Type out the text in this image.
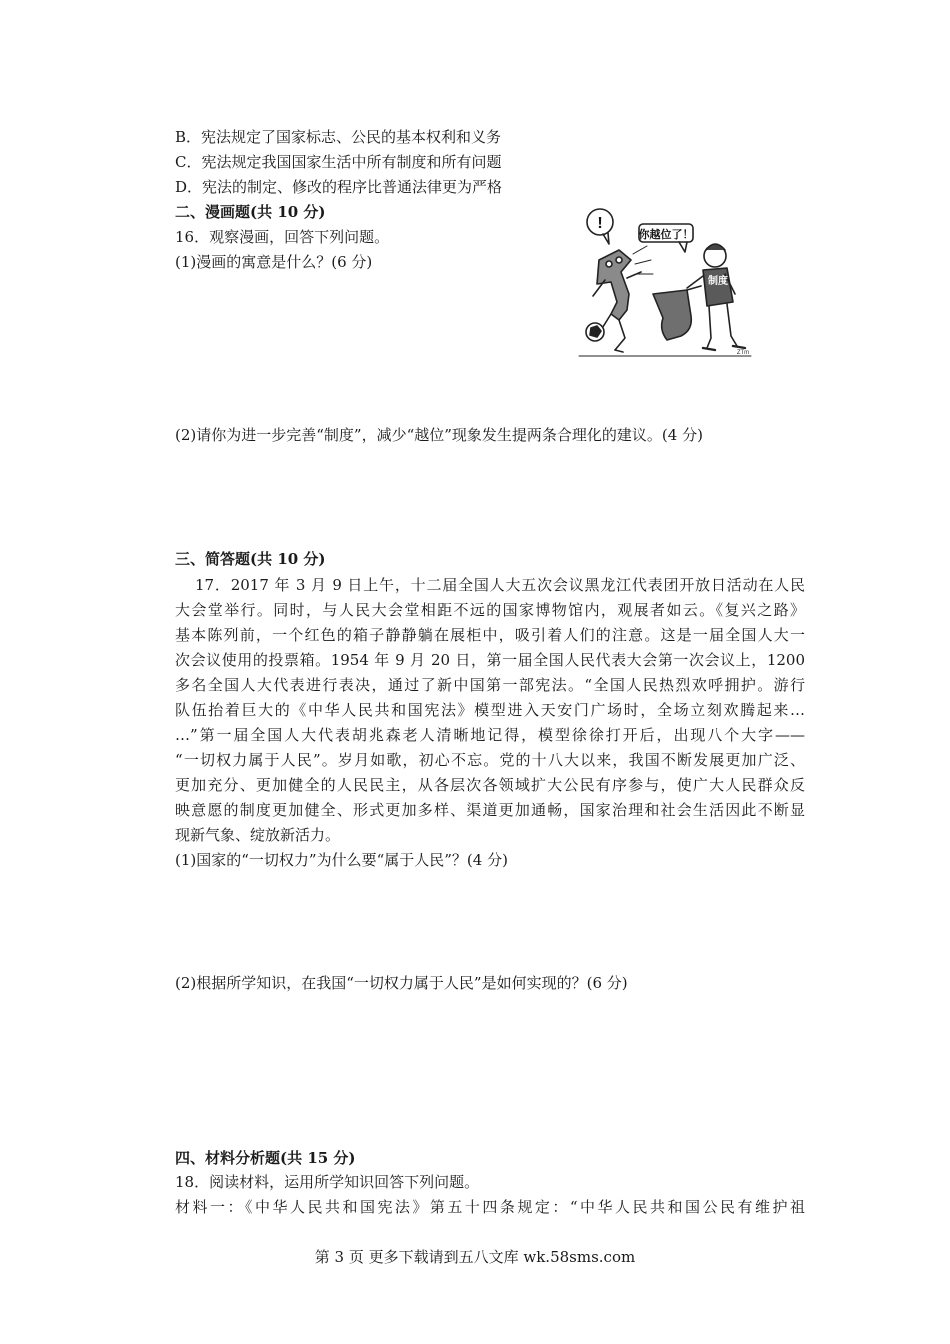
B．宪法规定了国家标志、公民的基本权利和义务
C．宪法规定我国国家生活中所有制度和所有问题
D．宪法的制定、修改的程序比普通法律更为严格
二、漫画题(共 10 分)
16．观察漫画，回答下列问题。
(1)漫画的寓意是什么？(6 分)
!
你越位了！
制度
ZTm
(2)请你为进一步完善“制度”，减少“越位”现象发生提两条合理化的建议。(4 分)
三、简答题(共 10 分)
17．2017 年 3 月 9 日上午，十二届全国人大五次会议黑龙江代表团开放日活动在人民
大会堂举行。同时，与人民大会堂相距不远的国家博物馆内，观展者如云。《复兴之路》
基本陈列前，一个红色的箱子静静躺在展柜中，吸引着人们的注意。这是一届全国人大一
次会议使用的投票箱。1954 年 9 月 20 日，第一届全国人民代表大会第一次会议上，1200
多名全国人大代表进行表决，通过了新中国第一部宪法。“全国人民热烈欢呼拥护。游行
队伍抬着巨大的《中华人民共和国宪法》模型进入天安门广场时，全场立刻欢腾起来…
…”第一届全国人大代表胡兆森老人清晰地记得，模型徐徐打开后，出现八个大字——
“一切权力属于人民”。岁月如歌，初心不忘。党的十八大以来，我国不断发展更加广泛、
更加充分、更加健全的人民民主，从各层次各领域扩大公民有序参与，使广大人民群众反
映意愿的制度更加健全、形式更加多样、渠道更加通畅，国家治理和社会生活因此不断显
现新气象、绽放新活力。
(1)国家的“一切权力”为什么要“属于人民”？(4 分)
(2)根据所学知识，在我国“一切权力属于人民”是如何实现的？(6 分)
四、材料分析题(共 15 分)
18．阅读材料，运用所学知识回答下列问题。
材料一：《中华人民共和国宪法》第五十四条规定：“中华人民共和国公民有维护祖
第 3 页 更多下载请到五八文库 wk.58sms.com
